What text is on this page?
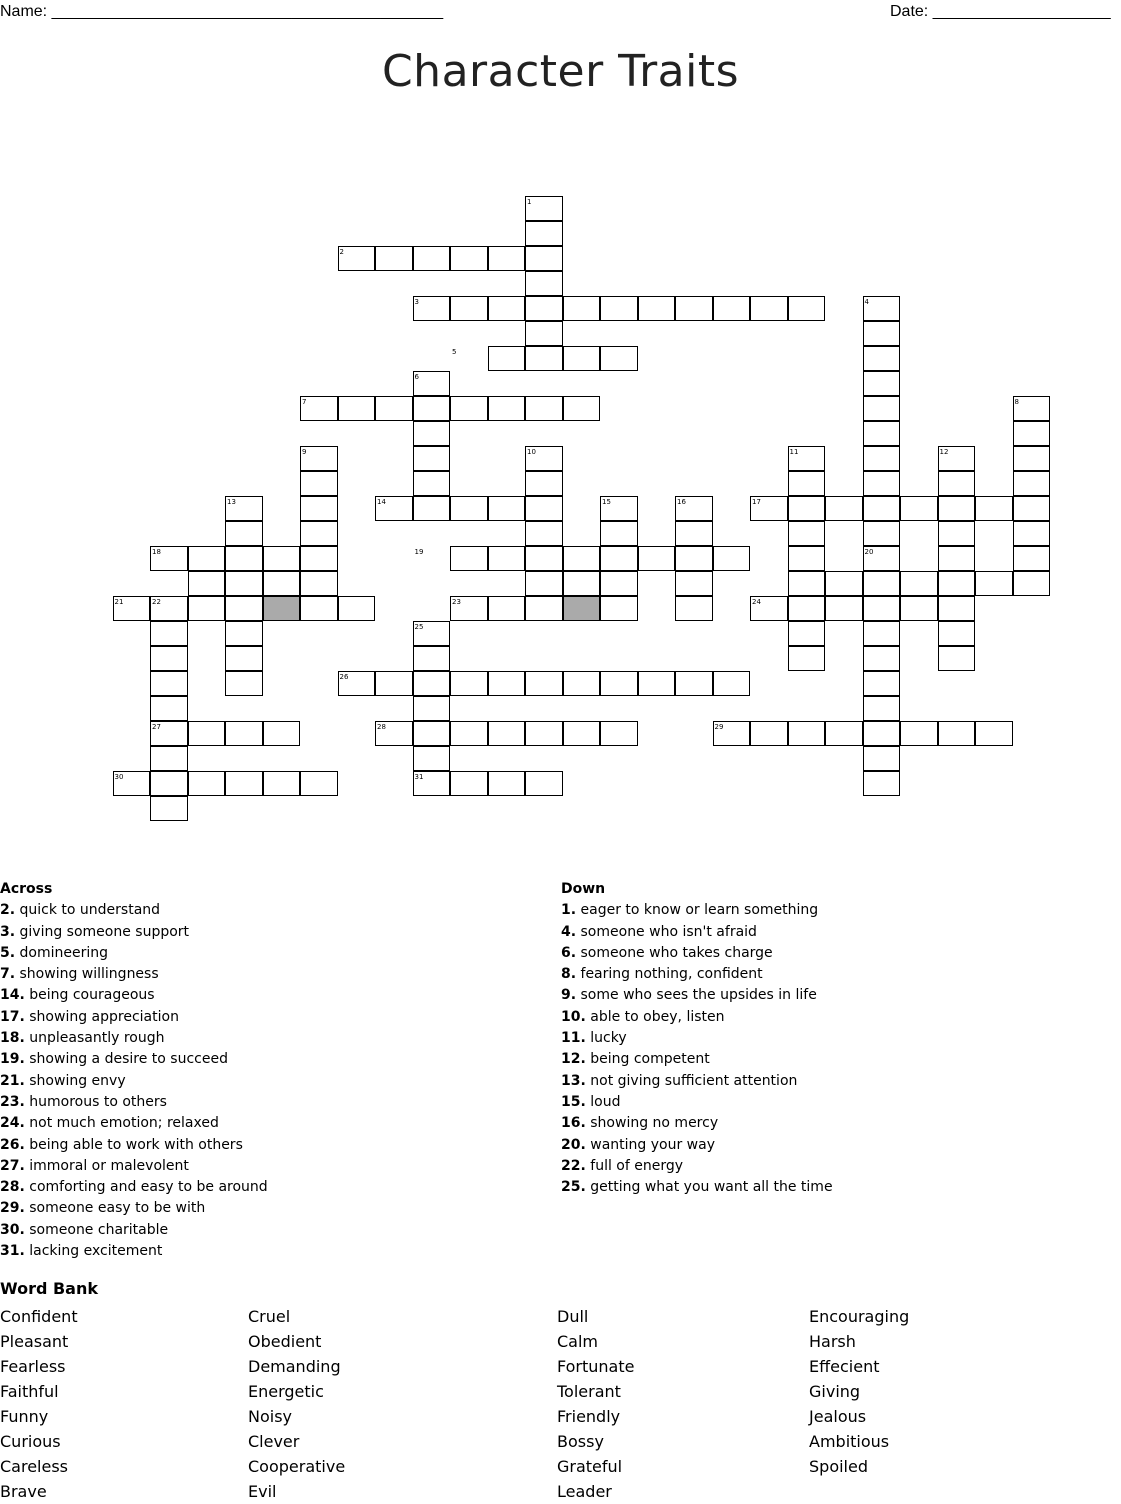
Name: ____________________________________________	Date: ____________________
Character Traits
1
2
3	4
5
6
7	8
9	10	11	12
13	14	15	16	17
18	19	20
21	22	23	24
25
26
27	28	29
30	31
Across
2. quick to understand
3. giving someone support
5. domineering
7. showing willingness
14. being courageous
17. showing appreciation
18. unpleasantly rough
19. showing a desire to succeed
21. showing envy
23. humorous to others
24. not much emotion; relaxed
26. being able to work with others
27. immoral or malevolent
28. comforting and easy to be around
29. someone easy to be with
30. someone charitable
31. lacking excitement
Down
1. eager to know or learn something
4. someone who isn't afraid
6. someone who takes charge
8. fearing nothing, confident
9. some who sees the upsides in life
10. able to obey, listen
11. lucky
12. being competent
13. not giving sufficient attention
15. loud
16. showing no mercy
20. wanting your way
22. full of energy
25. getting what you want all the time
Word Bank
Confident
Pleasant
Fearless
Faithful
Funny
Curious
Careless
Brave
Cruel
Obedient
Demanding
Energetic
Noisy
Clever
Cooperative
Evil
Dull
Calm
Fortunate
Tolerant
Friendly
Bossy
Grateful
Leader
Encouraging
Harsh
Effecient
Giving
Jealous
Ambitious
Spoiled
